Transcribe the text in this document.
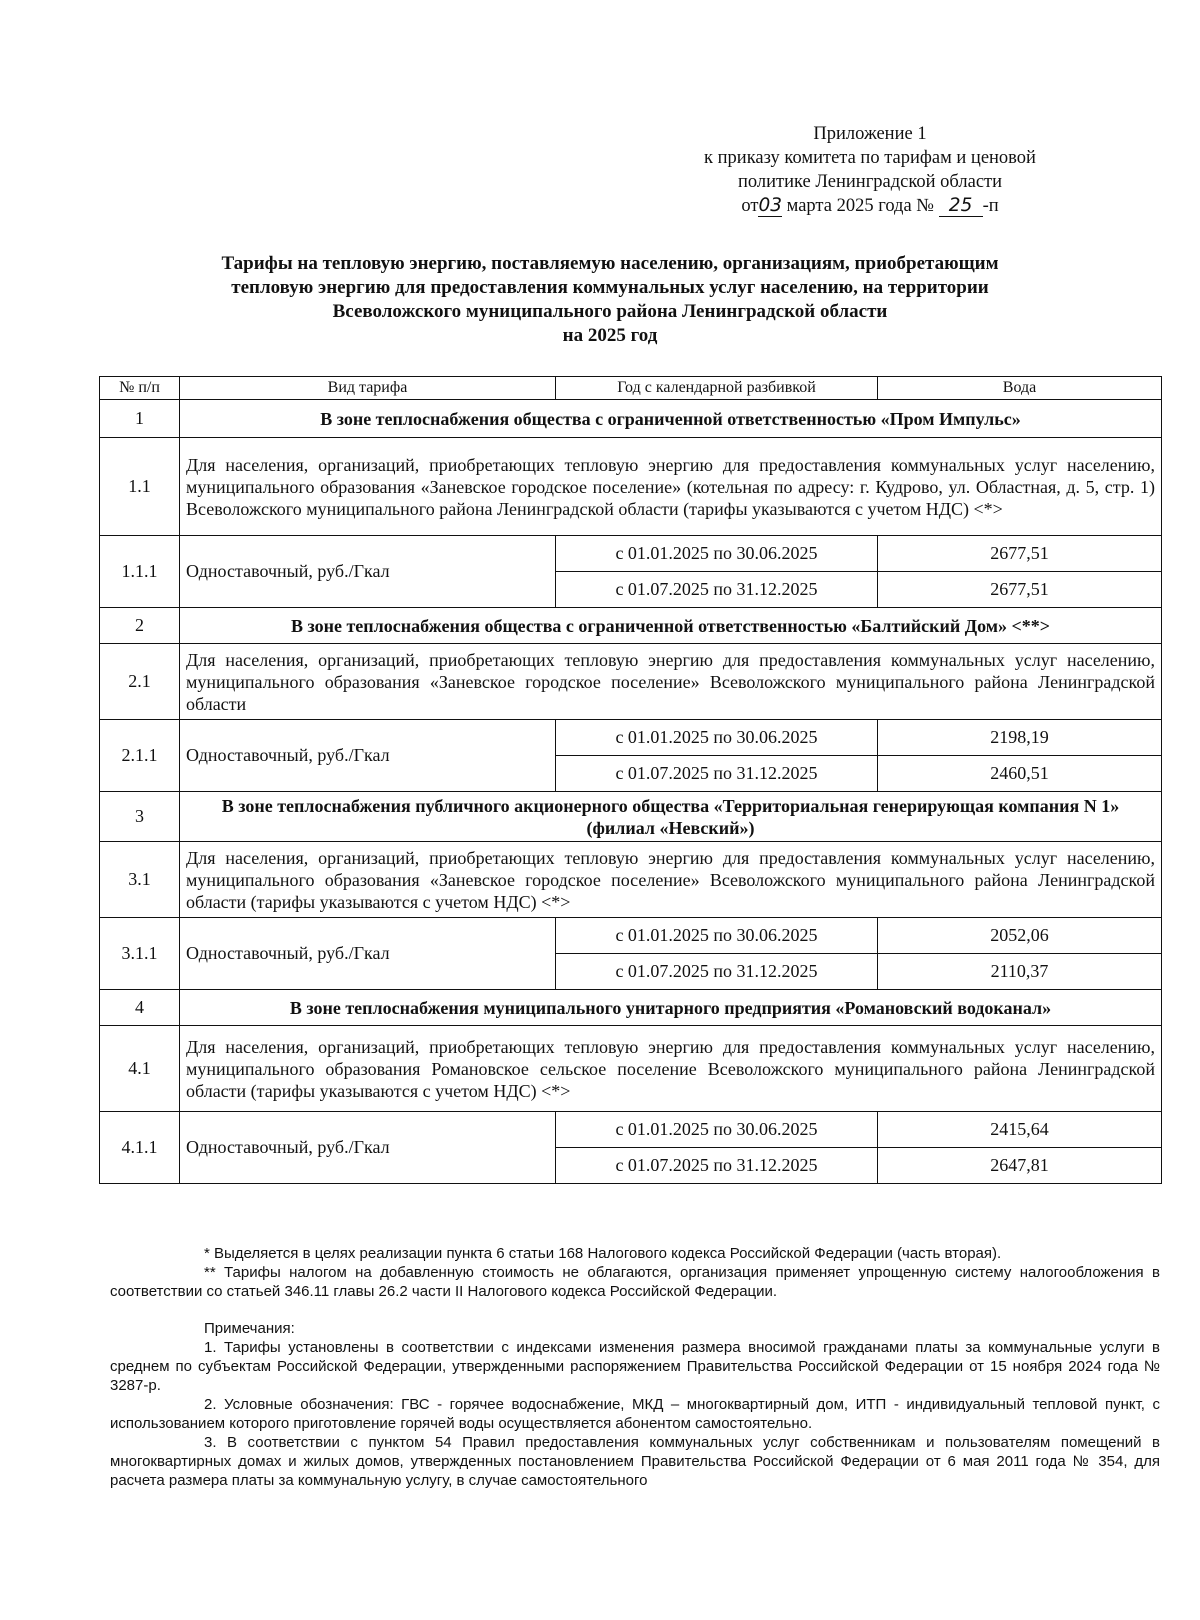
Приложение 1
к приказу комитета по тарифам и ценовой
политике Ленинградской области
от03 марта 2025 года № 25 -п
Тарифы на тепловую энергию, поставляемую населению, организациям, приобретающим
тепловую энергию для предоставления коммунальных услуг населению, на территории
Всеволожского муниципального района Ленинградской области
на 2025 год
№ п/п	Вид тарифа	Год с календарной разбивкой	Вода
1	В зоне теплоснабжения общества с ограниченной ответственностью «Пром Импульс»		
1.1	Для населения, организаций, приобретающих тепловую энергию для предоставления коммунальных услуг населению, муниципального образования «Заневское городское поселение» (котельная по адресу: г. Кудрово, ул. Областная, д. 5, стр. 1) Всеволожского муниципального района Ленинградской области (тарифы указываются с учетом НДС) <*>		
1.1.1	Одноставочный, руб./Гкал	с 01.01.2025 по 30.06.2025	2677,51
		с 01.07.2025 по 31.12.2025	2677,51
2	В зоне теплоснабжения общества с ограниченной ответственностью «Балтийский Дом» <**>		
2.1	Для населения, организаций, приобретающих тепловую энергию для предоставления коммунальных услуг населению, муниципального образования «Заневское городское поселение» Всеволожского муниципального района Ленинградской области		
2.1.1	Одноставочный, руб./Гкал	с 01.01.2025 по 30.06.2025	2198,19
		с 01.07.2025 по 31.12.2025	2460,51
3	В зоне теплоснабжения публичного акционерного общества «Территориальная генерирующая компания N 1» (филиал «Невский»)		
3.1	Для населения, организаций, приобретающих тепловую энергию для предоставления коммунальных услуг населению, муниципального образования «Заневское городское поселение» Всеволожского муниципального района Ленинградской области (тарифы указываются с учетом НДС) <*>		
3.1.1	Одноставочный, руб./Гкал	с 01.01.2025 по 30.06.2025	2052,06
		с 01.07.2025 по 31.12.2025	2110,37
4	В зоне теплоснабжения муниципального унитарного предприятия «Романовский водоканал»		
4.1	Для населения, организаций, приобретающих тепловую энергию для предоставления коммунальных услуг населению, муниципального образования Романовское сельское поселение Всеволожского муниципального района Ленинградской области (тарифы указываются с учетом НДС) <*>		
4.1.1	Одноставочный, руб./Гкал	с 01.01.2025 по 30.06.2025	2415,64
		с 01.07.2025 по 31.12.2025	2647,81

* Выделяется в целях реализации пункта 6 статьи 168 Налогового кодекса Российской Федерации (часть вторая).

** Тарифы налогом на добавленную стоимость не облагаются, организация применяет упрощенную систему налогообложения в соответствии со статьей 346.11 главы 26.2 части II Налогового кодекса Российской Федерации.

Примечания:

1. Тарифы установлены в соответствии с индексами изменения размера вносимой гражданами платы за коммунальные услуги в среднем по субъектам Российской Федерации, утвержденными распоряжением Правительства Российской Федерации от 15 ноября 2024 года № 3287-р.

2. Условные обозначения: ГВС - горячее водоснабжение, МКД – многоквартирный дом, ИТП - индивидуальный тепловой пункт, с использованием которого приготовление горячей воды осуществляется абонентом самостоятельно.

3. В соответствии с пунктом 54 Правил предоставления коммунальных услуг собственникам и пользователям помещений в многоквартирных домах и жилых домов, утвержденных постановлением Правительства Российской Федерации от 6 мая 2011 года № 354, для расчета размера платы за коммунальную услугу, в случае самостоятельного
